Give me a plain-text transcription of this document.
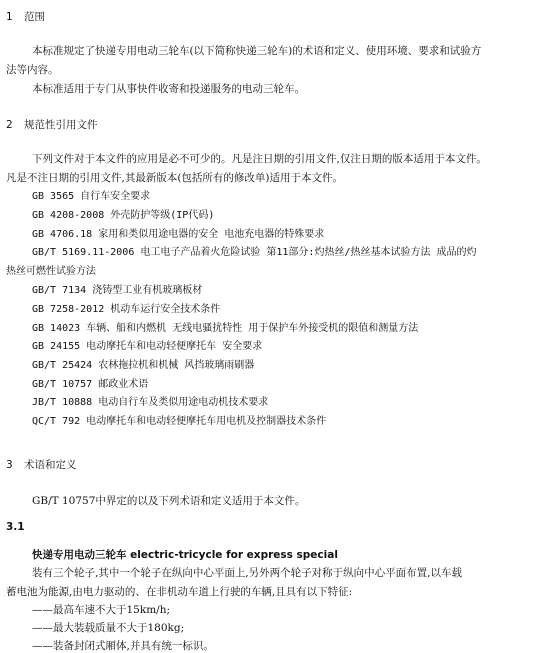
1 范围
本标准规定了快递专用电动三轮车(以下简称快递三轮车)的术语和定义、使用环境、要求和试验方
法等内容。
本标准适用于专门从事快件收寄和投递服务的电动三轮车。
2 规范性引用文件
下列文件对于本文件的应用是必不可少的。凡是注日期的引用文件,仅注日期的版本适用于本文件。
凡是不注日期的引用文件,其最新版本(包括所有的修改单)适用于本文件。
GB 3565 自行车安全要求
GB 4208-2008 外壳防护等级(IP代码)
GB 4706.18 家用和类似用途电器的安全 电池充电器的特殊要求
GB/T 5169.11-2006 电工电子产品着火危险试验 第11部分:灼热丝/热丝基本试验方法 成品的灼
热丝可燃性试验方法
GB/T 7134 浇铸型工业有机玻璃板材
GB 7258-2012 机动车运行安全技术条件
GB 14023 车辆、船和内燃机 无线电骚扰特性 用于保护车外接受机的限值和测量方法
GB 24155 电动摩托车和电动轻便摩托车 安全要求
GB/T 25424 农林拖拉机和机械 风挡玻璃雨刷器
GB/T 10757 邮政业术语
JB/T 10888 电动自行车及类似用途电动机技术要求
QC/T 792 电动摩托车和电动轻便摩托车用电机及控制器技术条件
3 术语和定义
GB/T 10757中界定的以及下列术语和定义适用于本文件。
3.1
快递专用电动三轮车 electric-tricycle for express special
装有三个轮子,其中一个轮子在纵向中心平面上,另外两个轮子对称于纵向中心平面布置,以车载
蓄电池为能源,由电力驱动的、在非机动车道上行驶的车辆,且具有以下特征:
——最高车速不大于15km/h;
——最大装载质量不大于180kg;
——装备封闭式厢体,并具有统一标识。
